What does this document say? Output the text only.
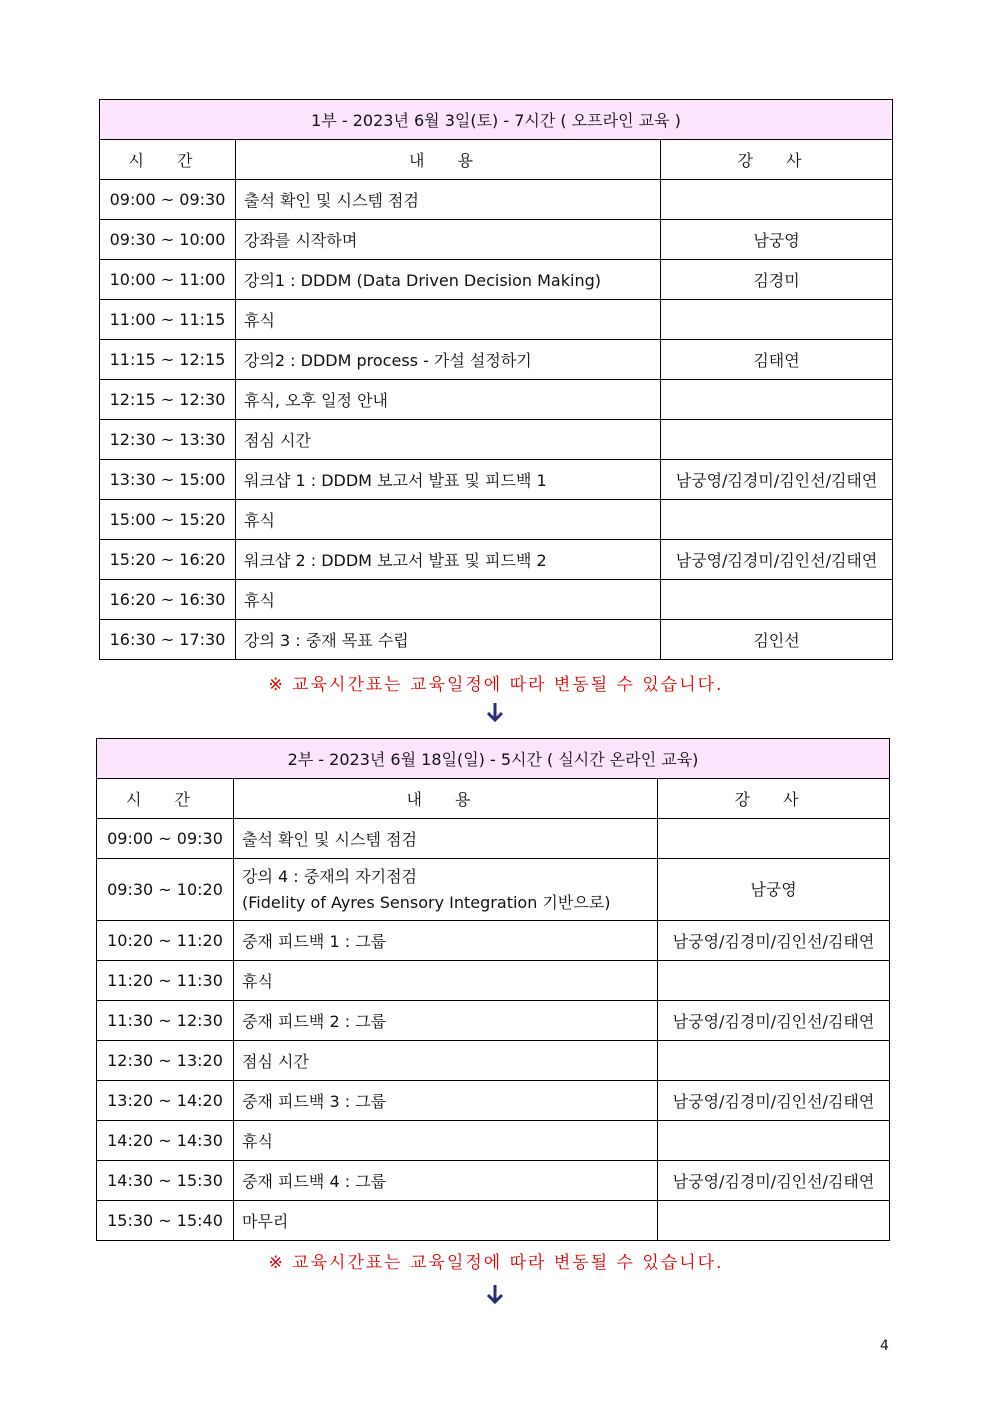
1부 - 2023년 6월 3일(토) - 7시간 ( 오프라인 교육 )		
시 간	내 용	강 사
09:00 ~ 09:30	출석 확인 및 시스템 점검	
09:30 ~ 10:00	강좌를 시작하며	남궁영
10:00 ~ 11:00	강의1 : DDDM (Data Driven Decision Making)	김경미
11:00 ~ 11:15	휴식	
11:15 ~ 12:15	강의2 : DDDM process - 가설 설정하기	김태연
12:15 ~ 12:30	휴식, 오후 일정 안내	
12:30 ~ 13:30	점심 시간	
13:30 ~ 15:00	워크샵 1 : DDDM 보고서 발표 및 피드백 1	남궁영/김경미/김인선/김태연
15:00 ~ 15:20	휴식	
15:20 ~ 16:20	워크샵 2 : DDDM 보고서 발표 및 피드백 2	남궁영/김경미/김인선/김태연
16:20 ~ 16:30	휴식	
16:30 ~ 17:30	강의 3 : 중재 목표 수립	김인선
※ 교육시간표는 교육일정에 따라 변동될 수 있습니다.
2부 - 2023년 6월 18일(일) - 5시간 ( 실시간 온라인 교육)		
시 간	내 용	강 사
09:00 ~ 09:30	출석 확인 및 시스템 점검	
09:30 ~ 10:20	강의 4 : 중재의 자기점검
(Fidelity of Ayres Sensory Integration 기반으로)	남궁영
10:20 ~ 11:20	중재 피드백 1 : 그룹	남궁영/김경미/김인선/김태연
11:20 ~ 11:30	휴식	
11:30 ~ 12:30	중재 피드백 2 : 그룹	남궁영/김경미/김인선/김태연
12:30 ~ 13:20	점심 시간	
13:20 ~ 14:20	중재 피드백 3 : 그룹	남궁영/김경미/김인선/김태연
14:20 ~ 14:30	휴식	
14:30 ~ 15:30	중재 피드백 4 : 그룹	남궁영/김경미/김인선/김태연
15:30 ~ 15:40	마무리	
※ 교육시간표는 교육일정에 따라 변동될 수 있습니다.
4
